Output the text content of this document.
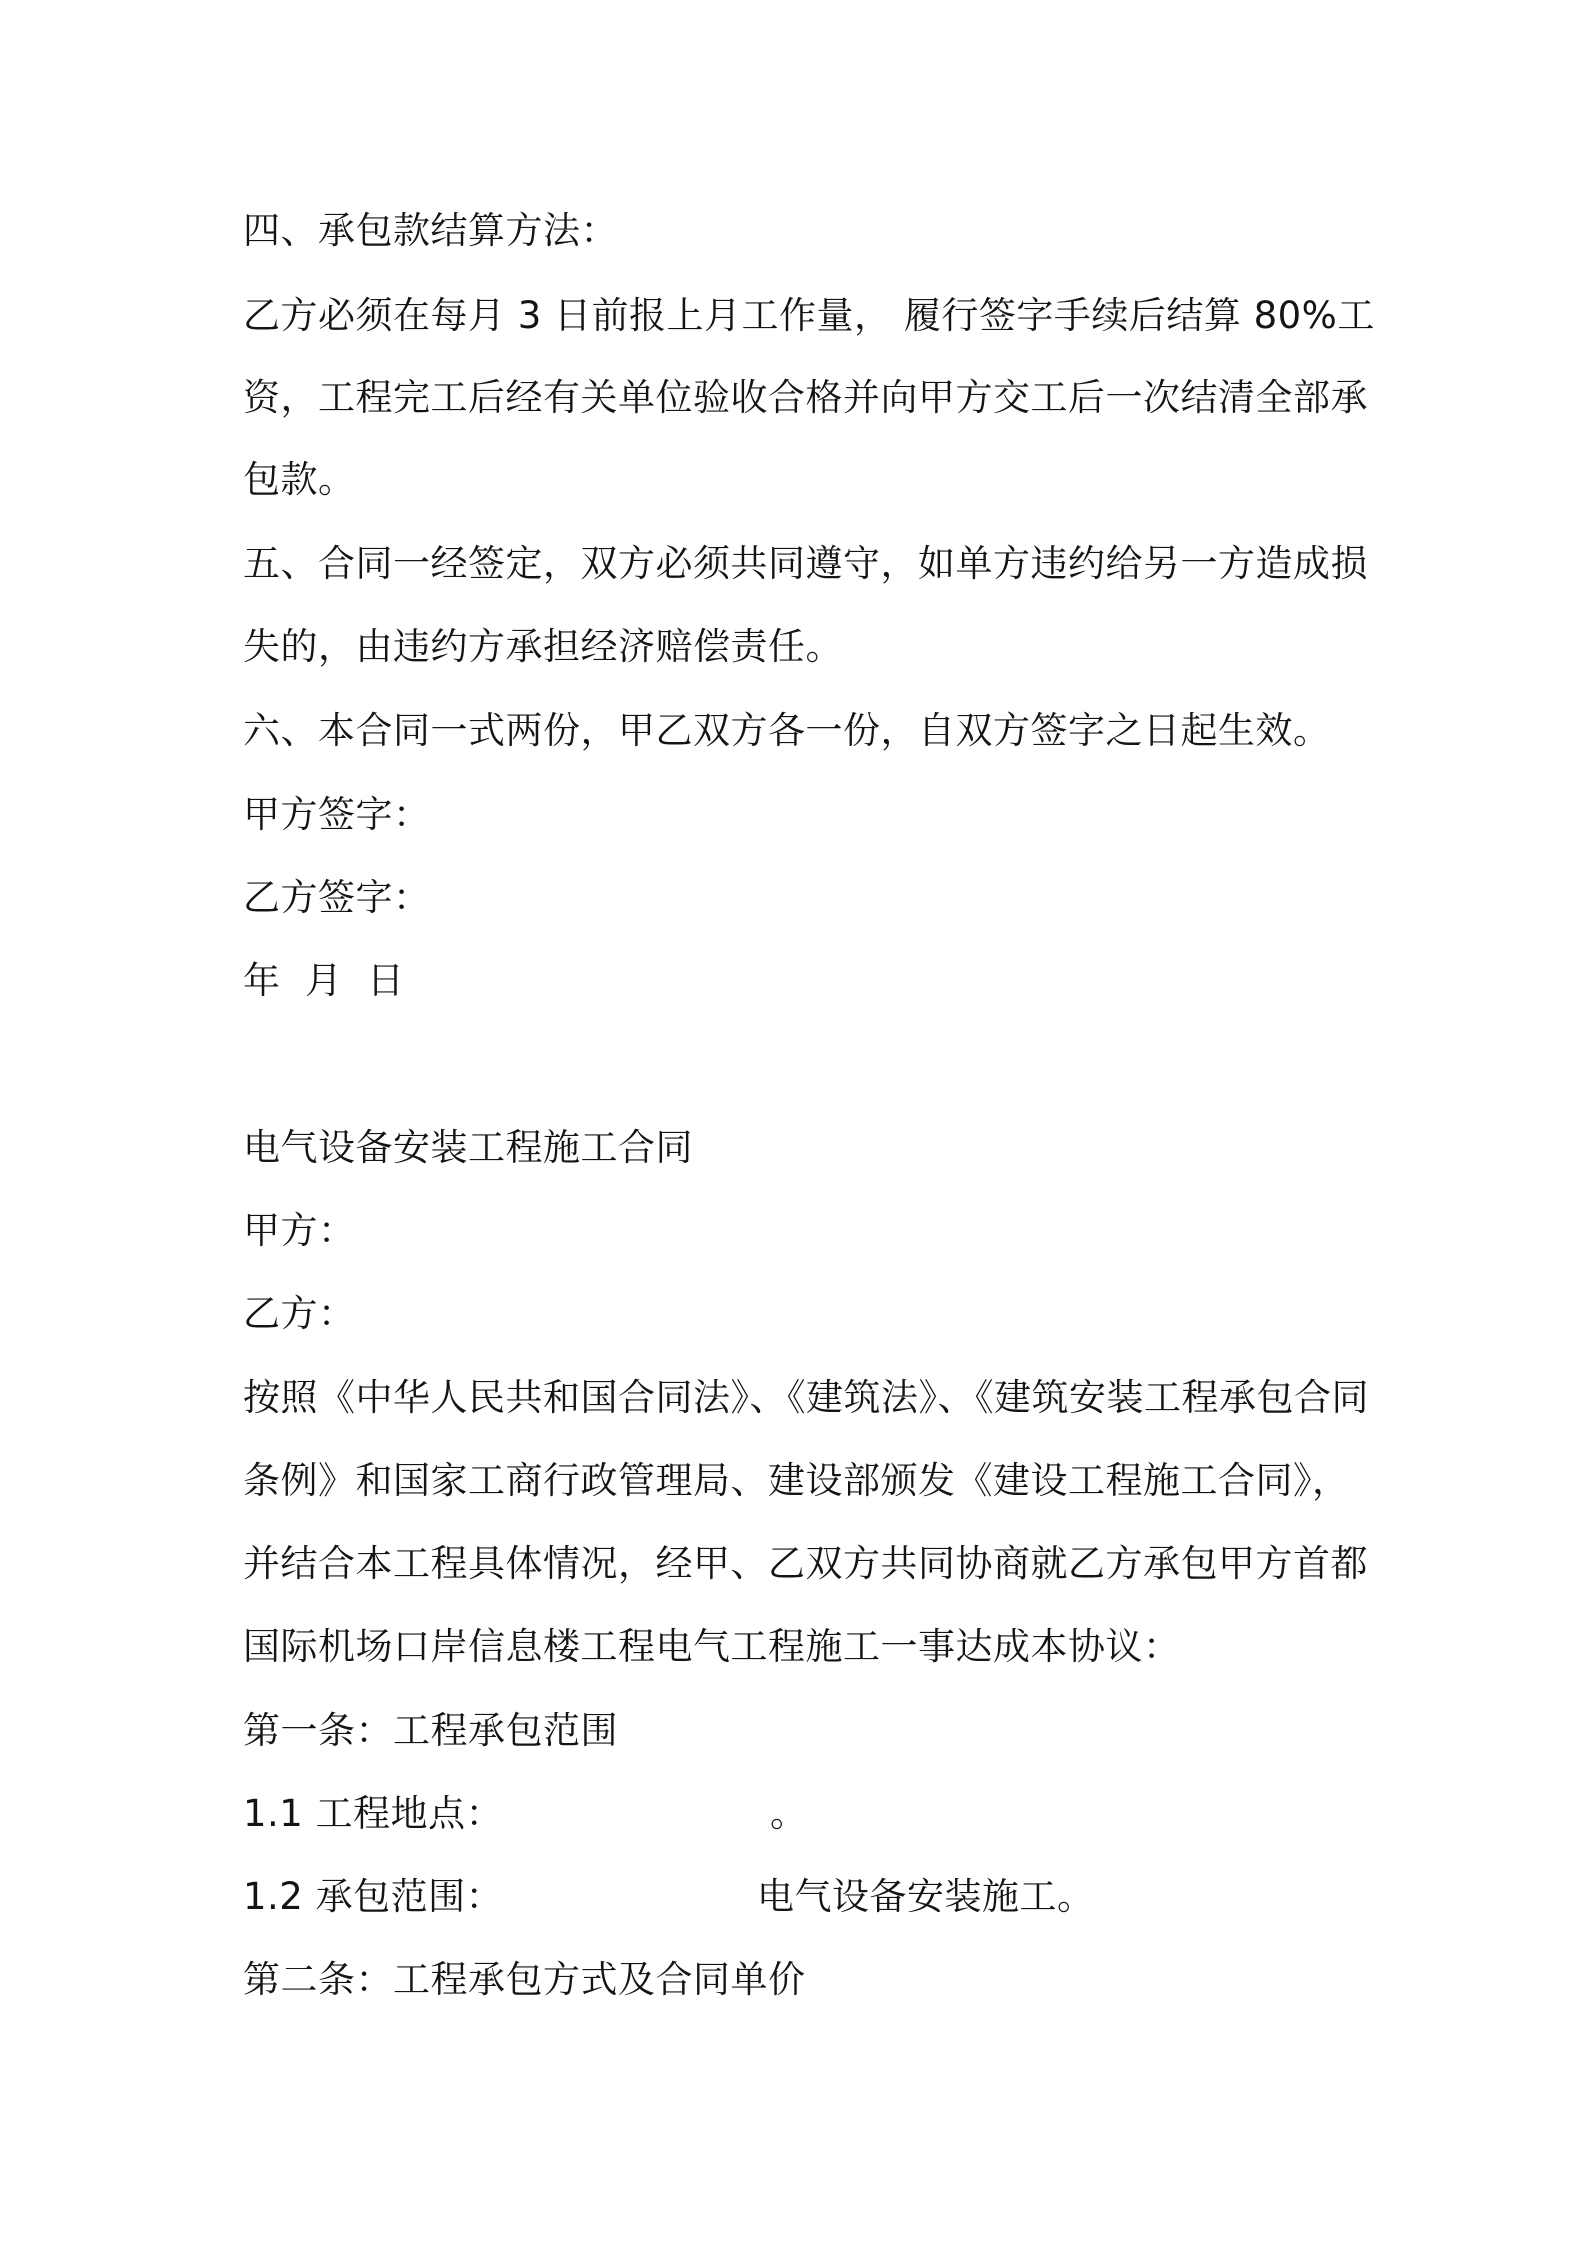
四、承包款结算方法：
乙方必须在每月 3 日前报上月工作量， 履行签字手续后结算 80%工
资，工程完工后经有关单位验收合格并向甲方交工后一次结清全部承
包款。
五、合同一经签定，双方必须共同遵守，如单方违约给另一方造成损
失的，由违约方承担经济赔偿责任。
六、本合同一式两份，甲乙双方各一份，自双方签字之日起生效。
甲方签字：
乙方签字：
年  月  日
电气设备安装工程施工合同
甲方：
乙方：
按照《中华人民共和国合同法》、《建筑法》、《建筑安装工程承包合同
条例》和国家工商行政管理局、建设部颁发《建设工程施工合同》，
并结合本工程具体情况，经甲、乙双方共同协商就乙方承包甲方首都
国际机场口岸信息楼工程电气工程施工一事达成本协议：
第一条：工程承包范围
1.1 工程地点：	。
1.2 承包范围：	电气设备安装施工。
第二条：工程承包方式及合同单价
